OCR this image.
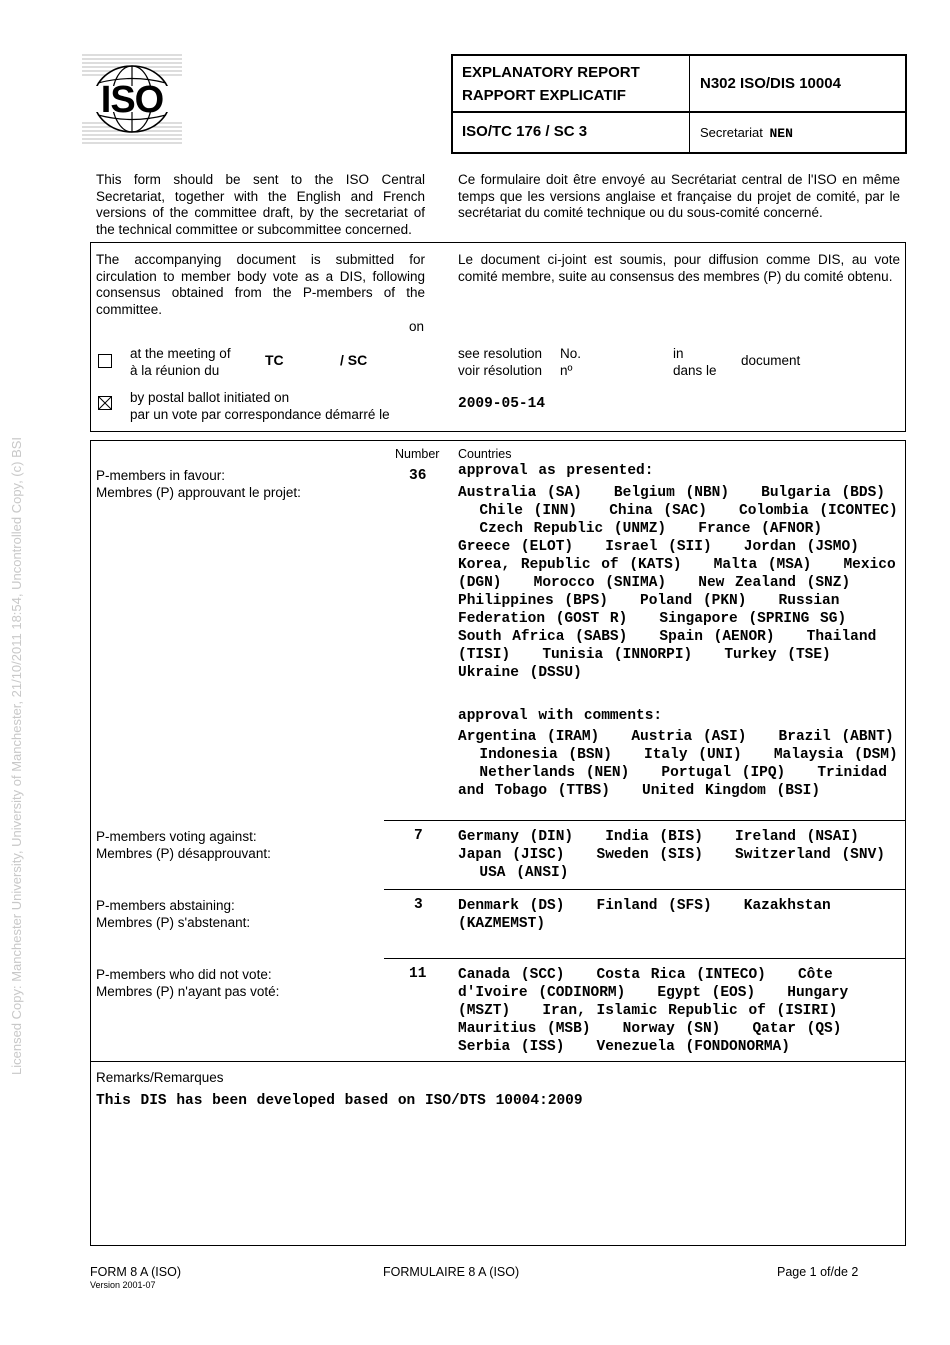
Licensed Copy: Manchester University, University of Manchester, 21/10/2011 18:54, Uncontrolled Copy, (c) BSI
ISO
EXPLANATORY REPORT
RAPPORT EXPLICATIF
N302 ISO/DIS 10004
ISO/TC 176 / SC 3	Secretariat NEN
This form should be sent to the ISO Central Secretariat, together with the English and French versions of the committee draft, by the secretariat of the technical committee or subcommittee concerned.
Ce formulaire doit être envoyé au Secrétariat central de l'ISO en même temps que les versions anglaise et française du projet de comité, par le secrétariat du comité technique ou du sous-comité concerné.
The accompanying document is submitted for circulation to member body vote as a DIS, following consensus obtained from the P-members of the committee.
Le document ci-joint est soumis, pour diffusion comme DIS, au vote comité membre, suite au consensus des membres (P) du comité obtenu.
on
at the meeting of
à la réunion du
TC	/ SC	see resolution
voir résolution
No.
nº
in
dans le
document
by postal ballot initiated on
par un vote par correspondance démarré le
2009-05-14
Number Countries
P-members in favour:
Membres (P) approuvant le projet:
36 approval as presented:
Australia (SA)   Belgium (NBN)   Bulgaria (BDS)   Chile (INN)   China (SAC)   Colombia (ICONTEC)   Czech Republic (UNMZ)   France (AFNOR)   Greece (ELOT)   Israel (SII)   Jordan (JSMO)   Korea, Republic of (KATS)   Malta (MSA)   Mexico (DGN)   Morocco (SNIMA)   New Zealand (SNZ)   Philippines (BPS)   Poland (PKN)   Russian Federation (GOST R)   Singapore (SPRING SG)   South Africa (SABS)   Spain (AENOR)   Thailand (TISI)   Tunisia (INNORPI)   Turkey (TSE)   Ukraine (DSSU)
approval with comments:
Argentina (IRAM)   Austria (ASI)   Brazil (ABNT)   Indonesia (BSN)   Italy (UNI)   Malaysia (DSM)   Netherlands (NEN)   Portugal (IPQ)   Trinidad and Tobago (TTBS)   United Kingdom (BSI)
P-members voting against:
Membres (P) désapprouvant:
7 Germany (DIN)   India (BIS)   Ireland (NSAI)   Japan (JISC)   Sweden (SIS)   Switzerland (SNV)   USA (ANSI)
P-members abstaining:
Membres (P) s'abstenant:
3 Denmark (DS)   Finland (SFS)   Kazakhstan (KAZMEMST)
P-members who did not vote:
Membres (P) n'ayant pas voté:
11 Canada (SCC)   Costa Rica (INTECO)   Côte d'Ivoire (CODINORM)   Egypt (EOS)   Hungary (MSZT)   Iran, Islamic Republic of (ISIRI)   Mauritius (MSB)   Norway (SN)   Qatar (QS)   Serbia (ISS)   Venezuela (FONDONORMA)
Remarks/Remarques
This DIS has been developed based on ISO/DTS 10004:2009
FORM 8 A (ISO)
Version 2001-07
FORMULAIRE 8 A (ISO)	Page 1 of/de 2
